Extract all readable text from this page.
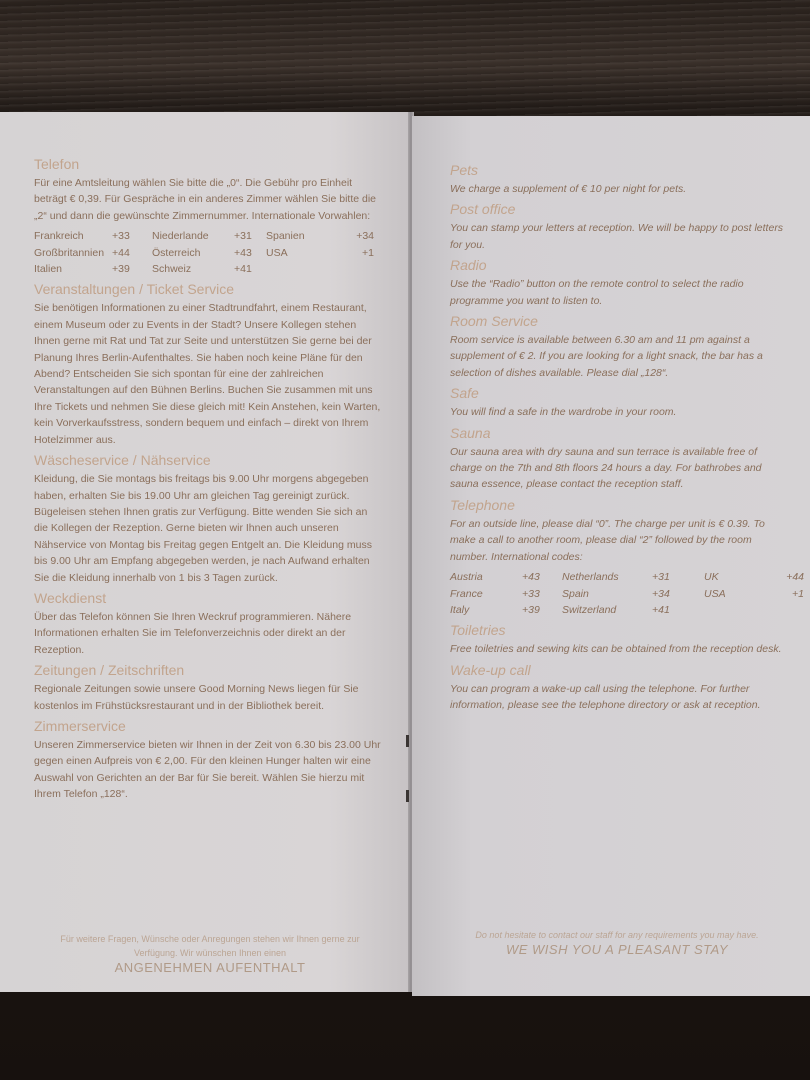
Telefon
Für eine Amtsleitung wählen Sie bitte die „0“. Die Gebühr pro Einheit beträgt € 0,39. Für Gespräche in ein anderes Zimmer wählen Sie bitte die „2“ und dann die gewünschte Zimmernummer. Internationale Vorwahlen:
Frankreich	+33	Niederlande	+31	Spanien	+34
Großbritannien +44	Österreich	+43	USA	+1
Italien	+39	Schweiz	+41
Veranstaltungen / Ticket Service
Sie benötigen Informationen zu einer Stadtrundfahrt, einem Restaurant, einem Museum oder zu Events in der Stadt? Unsere Kollegen stehen Ihnen gerne mit Rat und Tat zur Seite und unterstützen Sie gerne bei der Planung Ihres Berlin-Aufenthaltes. Sie haben noch keine Pläne für den Abend? Entscheiden Sie sich spontan für eine der zahlreichen Veranstaltungen auf den Bühnen Berlins. Buchen Sie zusammen mit uns Ihre Tickets und nehmen Sie diese gleich mit! Kein Anstehen, kein Warten, kein Vorverkaufsstress, sondern bequem und einfach – direkt von Ihrem Hotelzimmer aus.
Wäscheservice / Nähservice
Kleidung, die Sie montags bis freitags bis 9.00 Uhr morgens abgegeben haben, erhalten Sie bis 19.00 Uhr am gleichen Tag gereinigt zurück. Bügeleisen stehen Ihnen gratis zur Verfügung. Bitte wenden Sie sich an die Kollegen der Rezeption. Gerne bieten wir Ihnen auch unseren Nähservice von Montag bis Freitag gegen Entgelt an. Die Kleidung muss bis 9.00 Uhr am Empfang abgegeben werden, je nach Aufwand erhalten Sie die Kleidung innerhalb von 1 bis 3 Tagen zurück.
Weckdienst
Über das Telefon können Sie Ihren Weckruf programmieren. Nähere Informationen erhalten Sie im Telefonverzeichnis oder direkt an der Rezeption.
Zeitungen / Zeitschriften
Regionale Zeitungen sowie unsere Good Morning News liegen für Sie kostenlos im Frühstücksrestaurant und in der Bibliothek bereit.
Zimmerservice
Unseren Zimmerservice bieten wir Ihnen in der Zeit von 6.30 bis 23.00 Uhr gegen einen Aufpreis von € 2,00. Für den kleinen Hunger halten wir eine Auswahl von Gerichten an der Bar für Sie bereit. Wählen Sie hierzu mit Ihrem Telefon „128“.
Für weitere Fragen, Wünsche oder Anregungen stehen wir Ihnen gerne zur Verfügung. Wir wünschen Ihnen einen
ANGENEHMEN AUFENTHALT
Pets
We charge a supplement of € 10 per night for pets.
Post office
You can stamp your letters at reception. We will be happy to post letters for you.
Radio
Use the “Radio” button on the remote control to select the radio programme you want to listen to.
Room Service
Room service is available between 6.30 am and 11 pm against a supplement of € 2. If you are looking for a light snack, the bar has a selection of dishes available. Please dial „128“.
Safe
You will find a safe in the wardrobe in your room.
Sauna
Our sauna area with dry sauna and sun terrace is available free of charge on the 7th and 8th floors 24 hours a day. For bathrobes and sauna essence, please contact the reception staff.
Telephone
For an outside line, please dial “0”. The charge per unit is € 0.39. To make a call to another room, please dial “2” followed by the room number. International codes:
Austria	+43	Netherlands	+31	UK	+44
France	+33	Spain	+34	USA	+1
Italy	+39	Switzerland	+41
Toiletries
Free toiletries and sewing kits can be obtained from the reception desk.
Wake-up call
You can program a wake-up call using the telephone. For further information, please see the telephone directory or ask at reception.
Do not hesitate to contact our staff for any requirements you may have.
WE WISH YOU A PLEASANT STAY
